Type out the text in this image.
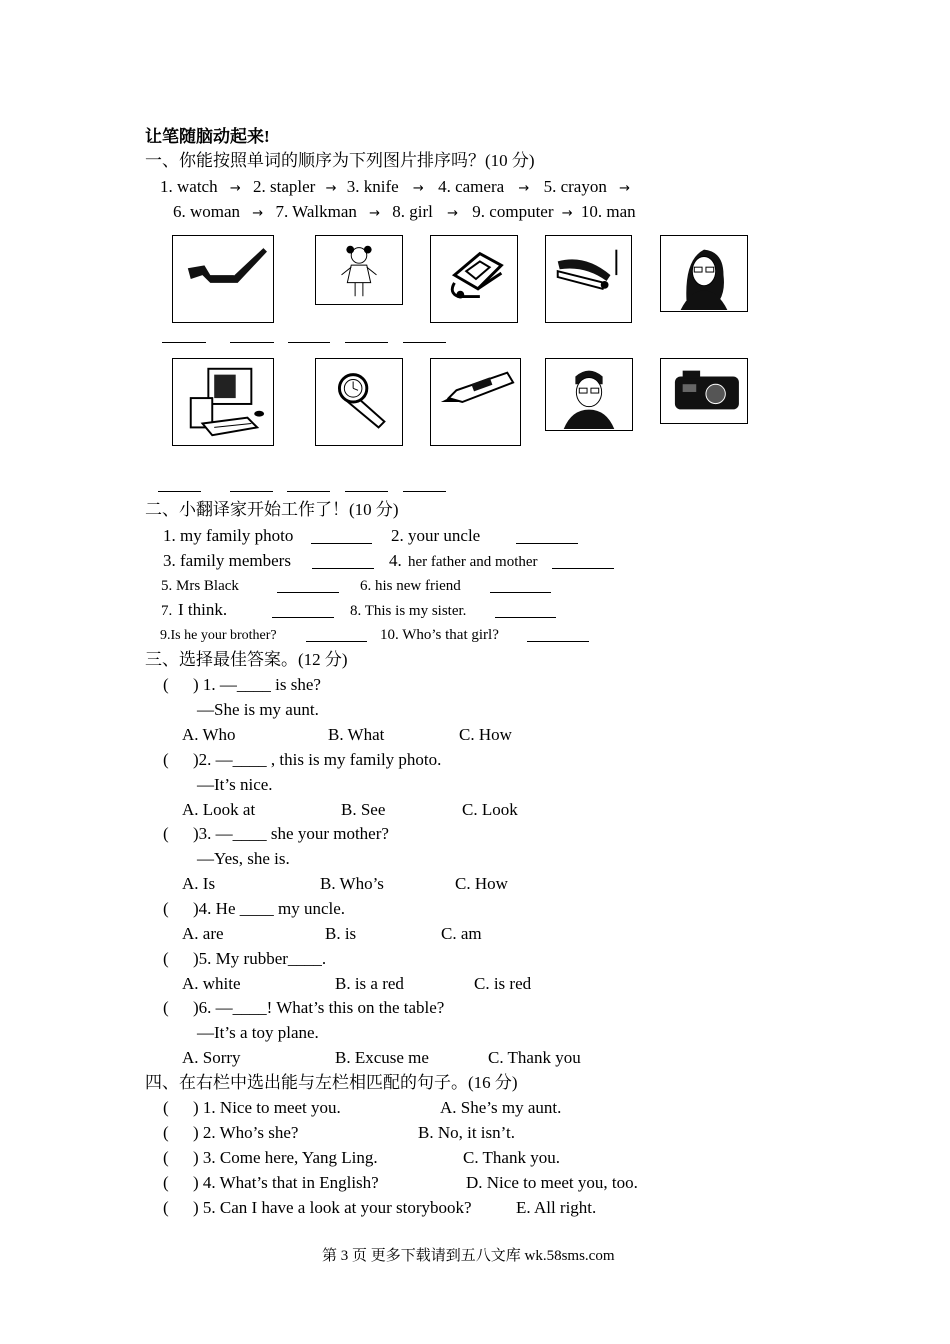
让笔随脑动起来!
一、你能按照单词的顺序为下列图片排序吗？(10 分)
1. watch → 2. stapler → 3. knife → 4. camera → 5. crayon →
6. woman → 7. Walkman → 8. girl → 9. computer → 10. man
二、小翻译家开始工作了！(10 分)
1. my family photo	2. your uncle
3. family members	4. her father and mother
5. Mrs Black	6. his new friend
7. I think.	8. This is my sister.
9.Is he your brother?	10. Who’s that girl?
三、选择最佳答案。(12 分)
( ) 1. —____ is she?
—She is my aunt.
A. Who	B. What	C. How
( )2. —____ , this is my family photo.
—It’s nice.
A. Look at	B. See	C. Look
( )3. —____ she your mother?
—Yes, she is.
A. Is	B. Who’s	C. How
( )4. He ____ my uncle.
A. are	B. is	C. am
( )5. My rubber____.
A. white	B. is a red	C. is red
( )6. —____! What’s this on the table?
—It’s a toy plane.
A. Sorry	B. Excuse me	C. Thank you
四、在右栏中选出能与左栏相匹配的句子。(16 分)
( ) 1. Nice to meet you.	A. She’s my aunt.
( ) 2. Who’s she?	B. No, it isn’t.
( ) 3. Come here, Yang Ling.	C. Thank you.
( ) 4. What’s that in English?	D. Nice to meet you, too.
( ) 5. Can I have a look at your storybook?	E. All right.
第 3 页 更多下载请到五八文库 wk.58sms.com
